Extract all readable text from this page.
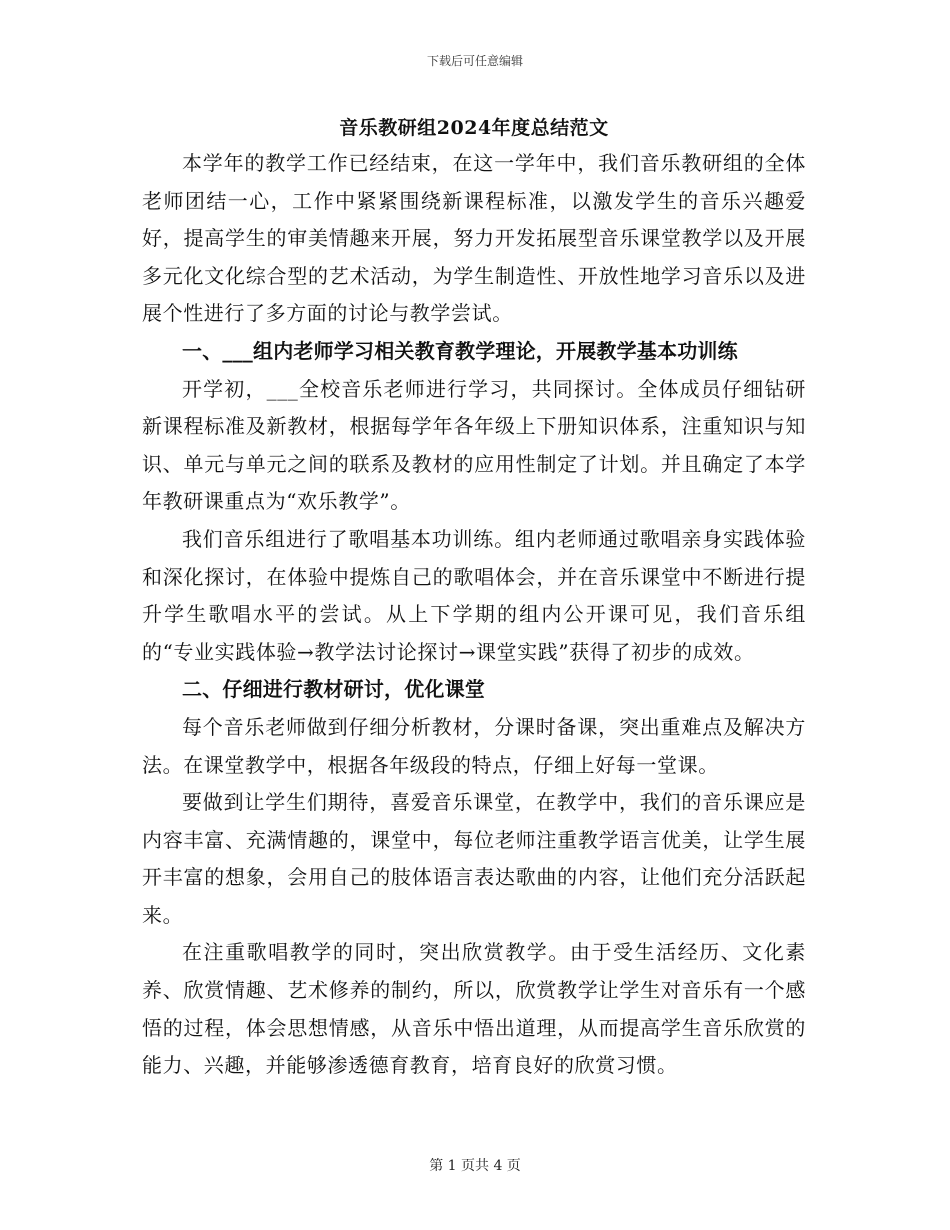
下载后可任意编辑
音乐教研组2024年度总结范文

本学年的教学工作已经结束，在这一学年中，我们音乐教研组的全体老师团结一心，工作中紧紧围绕新课程标准，以激发学生的音乐兴趣爱好，提高学生的审美情趣来开展，努力开发拓展型音乐课堂教学以及开展多元化文化综合型的艺术活动，为学生制造性、开放性地学习音乐以及进展个性进行了多方面的讨论与教学尝试。

一、___组内老师学习相关教育教学理论，开展教学基本功训练

开学初，___全校音乐老师进行学习，共同探讨。全体成员仔细钻研新课程标准及新教材，根据每学年各年级上下册知识体系，注重知识与知识、单元与单元之间的联系及教材的应用性制定了计划。并且确定了本学年教研课重点为“欢乐教学”。

我们音乐组进行了歌唱基本功训练。组内老师通过歌唱亲身实践体验和深化探讨，在体验中提炼自己的歌唱体会，并在音乐课堂中不断进行提升学生歌唱水平的尝试。从上下学期的组内公开课可见，我们音乐组的“专业实践体验→教学法讨论探讨→课堂实践”获得了初步的成效。

二、仔细进行教材研讨，优化课堂

每个音乐老师做到仔细分析教材，分课时备课，突出重难点及解决方法。在课堂教学中，根据各年级段的特点，仔细上好每一堂课。

要做到让学生们期待，喜爱音乐课堂，在教学中，我们的音乐课应是内容丰富、充满情趣的，课堂中，每位老师注重教学语言优美，让学生展开丰富的想象，会用自己的肢体语言表达歌曲的内容，让他们充分活跃起来。

在注重歌唱教学的同时，突出欣赏教学。由于受生活经历、文化素养、欣赏情趣、艺术修养的制约，所以，欣赏教学让学生对音乐有一个感悟的过程，体会思想情感，从音乐中悟出道理，从而提高学生音乐欣赏的能力、兴趣，并能够渗透德育教育，培育良好的欣赏习惯。

第 1 页共 4 页
